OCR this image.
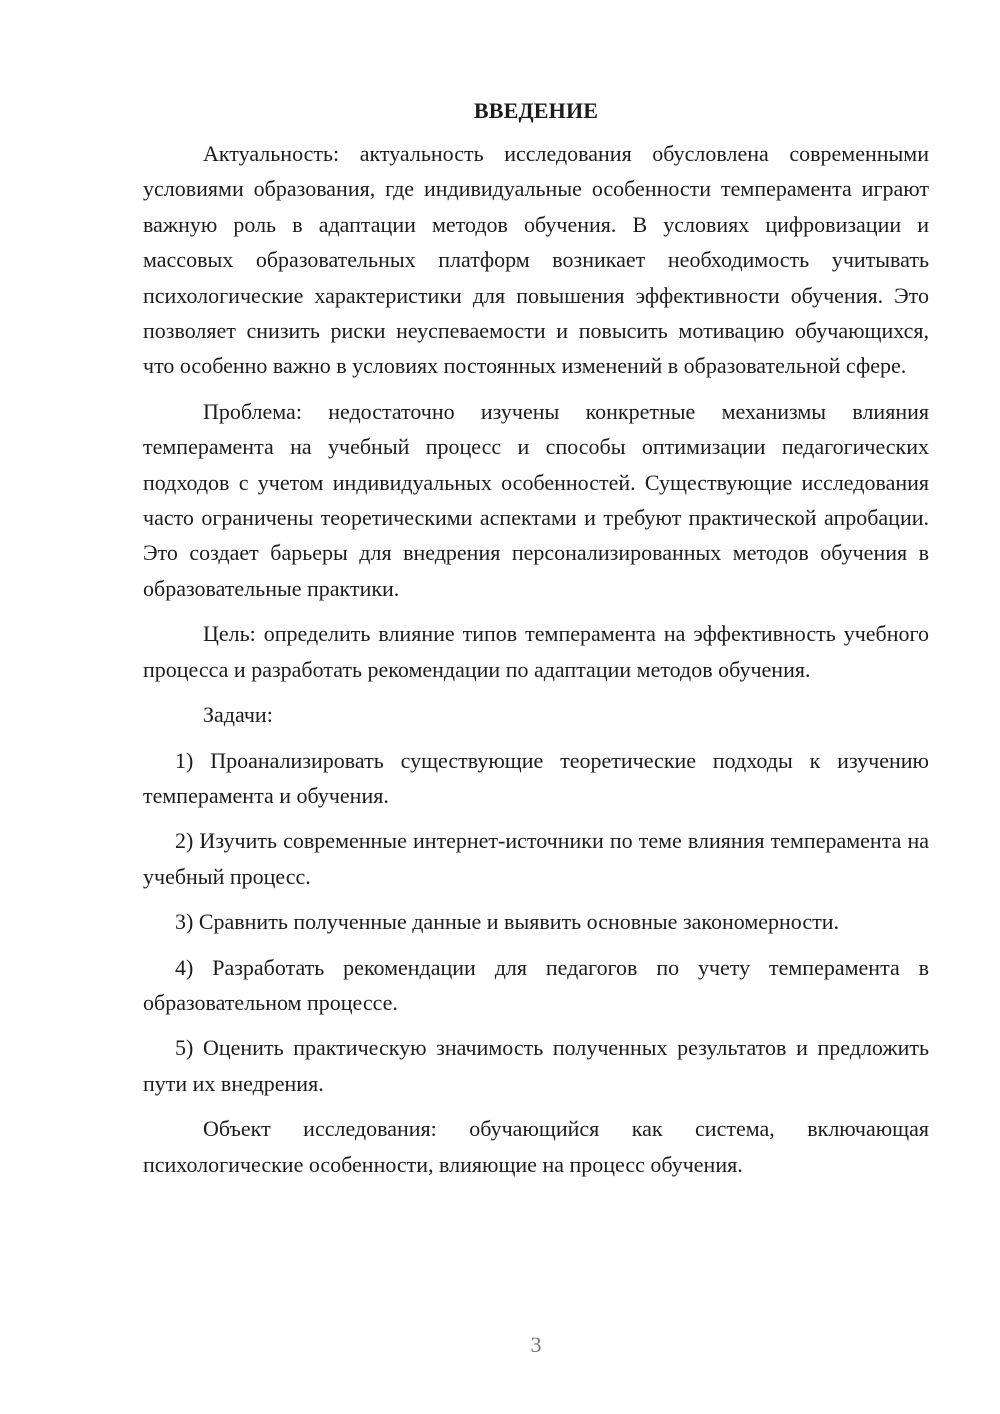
ВВЕДЕНИЕ

Актуальность: актуальность исследования обусловлена современными условиями образования, где индивидуальные особенности темперамента играют важную роль в адаптации методов обучения. В условиях цифровизации и массовых образовательных платформ возникает необходимость учитывать психологические характеристики для повышения эффективности обучения. Это позволяет снизить риски неуспеваемости и повысить мотивацию обучающихся, что особенно важно в условиях постоянных изменений в образовательной сфере.

Проблема: недостаточно изучены конкретные механизмы влияния темперамента на учебный процесс и способы оптимизации педагогических подходов с учетом индивидуальных особенностей. Существующие исследования часто ограничены теоретическими аспектами и требуют практической апробации. Это создает барьеры для внедрения персонализированных методов обучения в образовательные практики.

Цель: определить влияние типов темперамента на эффективность учебного процесса и разработать рекомендации по адаптации методов обучения.

Задачи:

1) Проанализировать существующие теоретические подходы к изучению темперамента и обучения.

2) Изучить современные интернет-источники по теме влияния темперамента на учебный процесс.

3) Сравнить полученные данные и выявить основные закономерности.

4) Разработать рекомендации для педагогов по учету темперамента в образовательном процессе.

5) Оценить практическую значимость полученных результатов и предложить пути их внедрения.

Объект исследования: обучающийся как система, включающая психологические особенности, влияющие на процесс обучения.

3
